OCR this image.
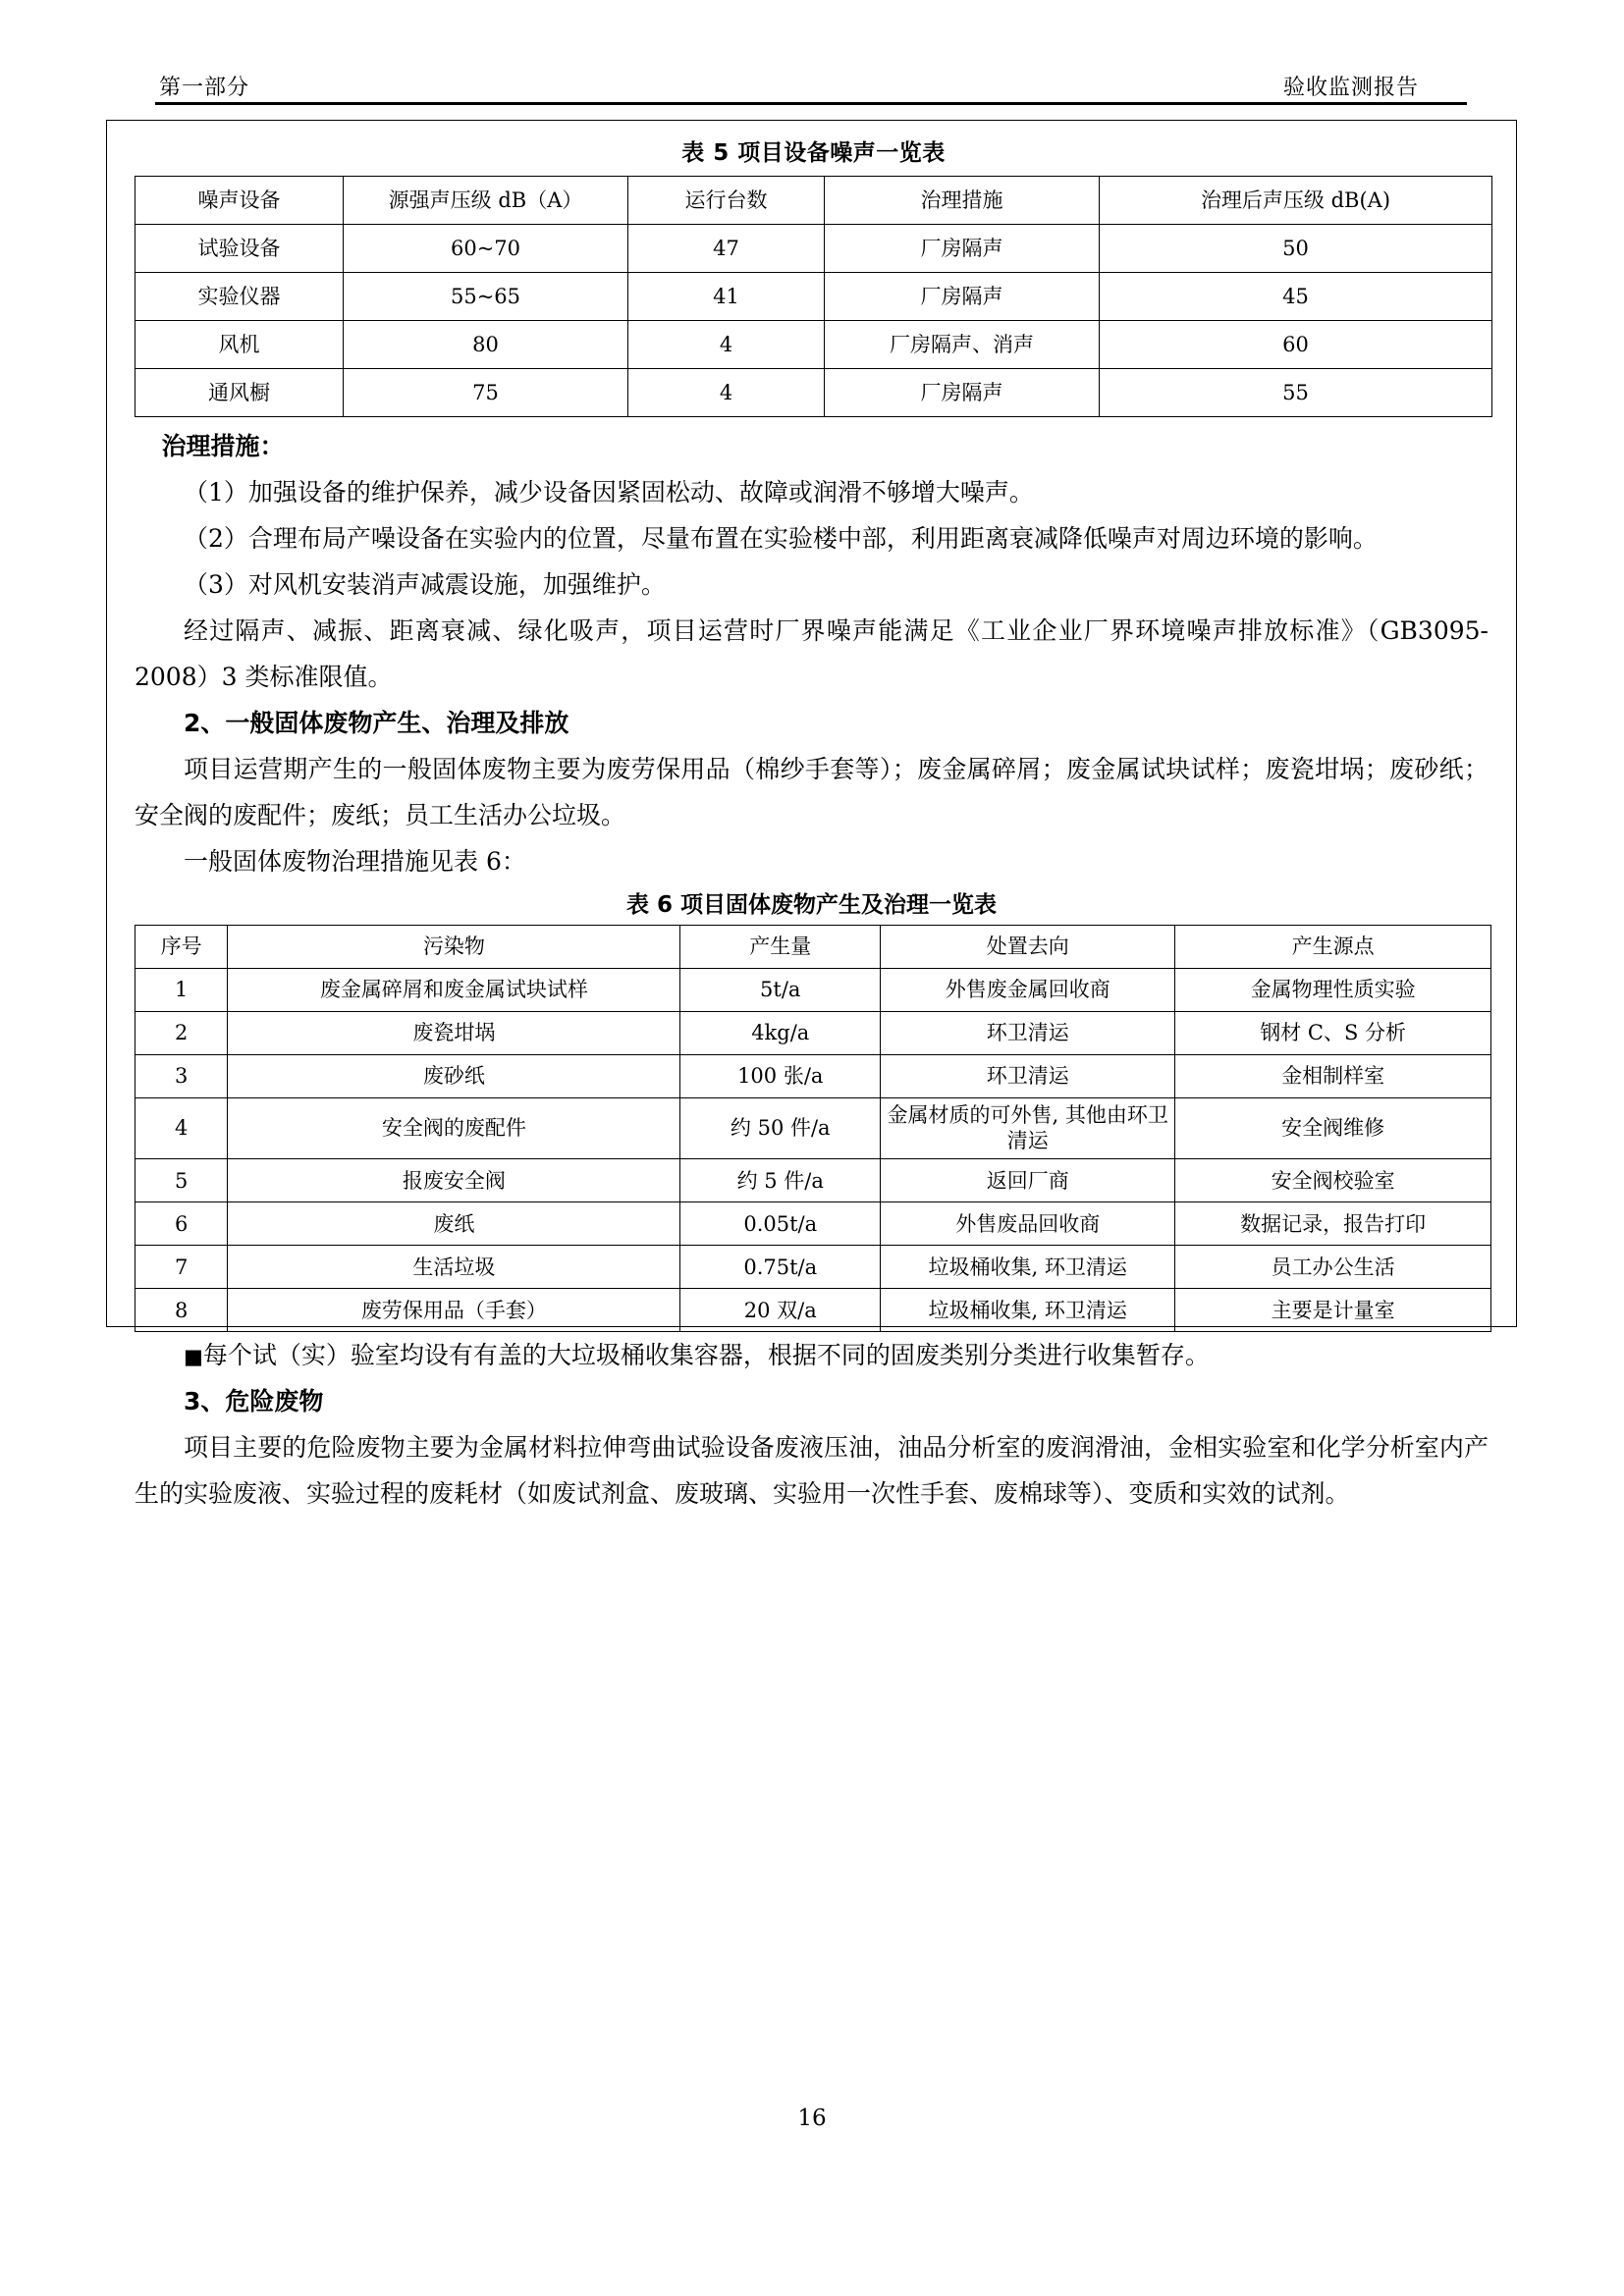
第一部分	验收监测报告
表 5 项目设备噪声一览表
噪声设备	源强声压级 dB（A）	运行台数	治理措施	治理后声压级 dB(A)
试验设备	60~70	47	厂房隔声	50
实验仪器	55~65	41	厂房隔声	45
风机	80	4	厂房隔声、消声	60
通风橱	75	4	厂房隔声	55

治理措施：

（1）加强设备的维护保养，减少设备因紧固松动、故障或润滑不够增大噪声。

（2）合理布局产噪设备在实验内的位置，尽量布置在实验楼中部，利用距离衰减降低噪声对周边环境的影响。

（3）对风机安装消声减震设施，加强维护。

经过隔声、减振、距离衰减、绿化吸声，项目运营时厂界噪声能满足《工业企业厂界环境噪声排放标准》（GB3095-2008）3 类标准限值。

2、一般固体废物产生、治理及排放

项目运营期产生的一般固体废物主要为废劳保用品（棉纱手套等）；废金属碎屑；废金属试块试样；废瓷坩埚；废砂纸；安全阀的废配件；废纸；员工生活办公垃圾。

一般固体废物治理措施见表 6：

表 6 项目固体废物产生及治理一览表
序号	污染物	产生量	处置去向	产生源点
1	废金属碎屑和废金属试块试样	5t/a	外售废金属回收商	金属物理性质实验
2	废瓷坩埚	4kg/a	环卫清运	钢材 C、S 分析
3	废砂纸	100 张/a	环卫清运	金相制样室
4	安全阀的废配件	约 50 件/a	金属材质的可外售, 其他由环卫清运	安全阀维修
5	报废安全阀	约 5 件/a	返回厂商	安全阀校验室
6	废纸	0.05t/a	外售废品回收商	数据记录，报告打印
7	生活垃圾	0.75t/a	垃圾桶收集, 环卫清运	员工办公生活
8	废劳保用品（手套）	20 双/a	垃圾桶收集, 环卫清运	主要是计量室

■ 每个试（实）验室均设有有盖的大垃圾桶收集容器，根据不同的固废类别分类进行收集暂存。

3、危险废物

项目主要的危险废物主要为金属材料拉伸弯曲试验设备废液压油，油品分析室的废润滑油，金相实验室和化学分析室内产生的实验废液、实验过程的废耗材（如废试剂盒、废玻璃、实验用一次性手套、废棉球等）、变质和实效的试剂。

16
